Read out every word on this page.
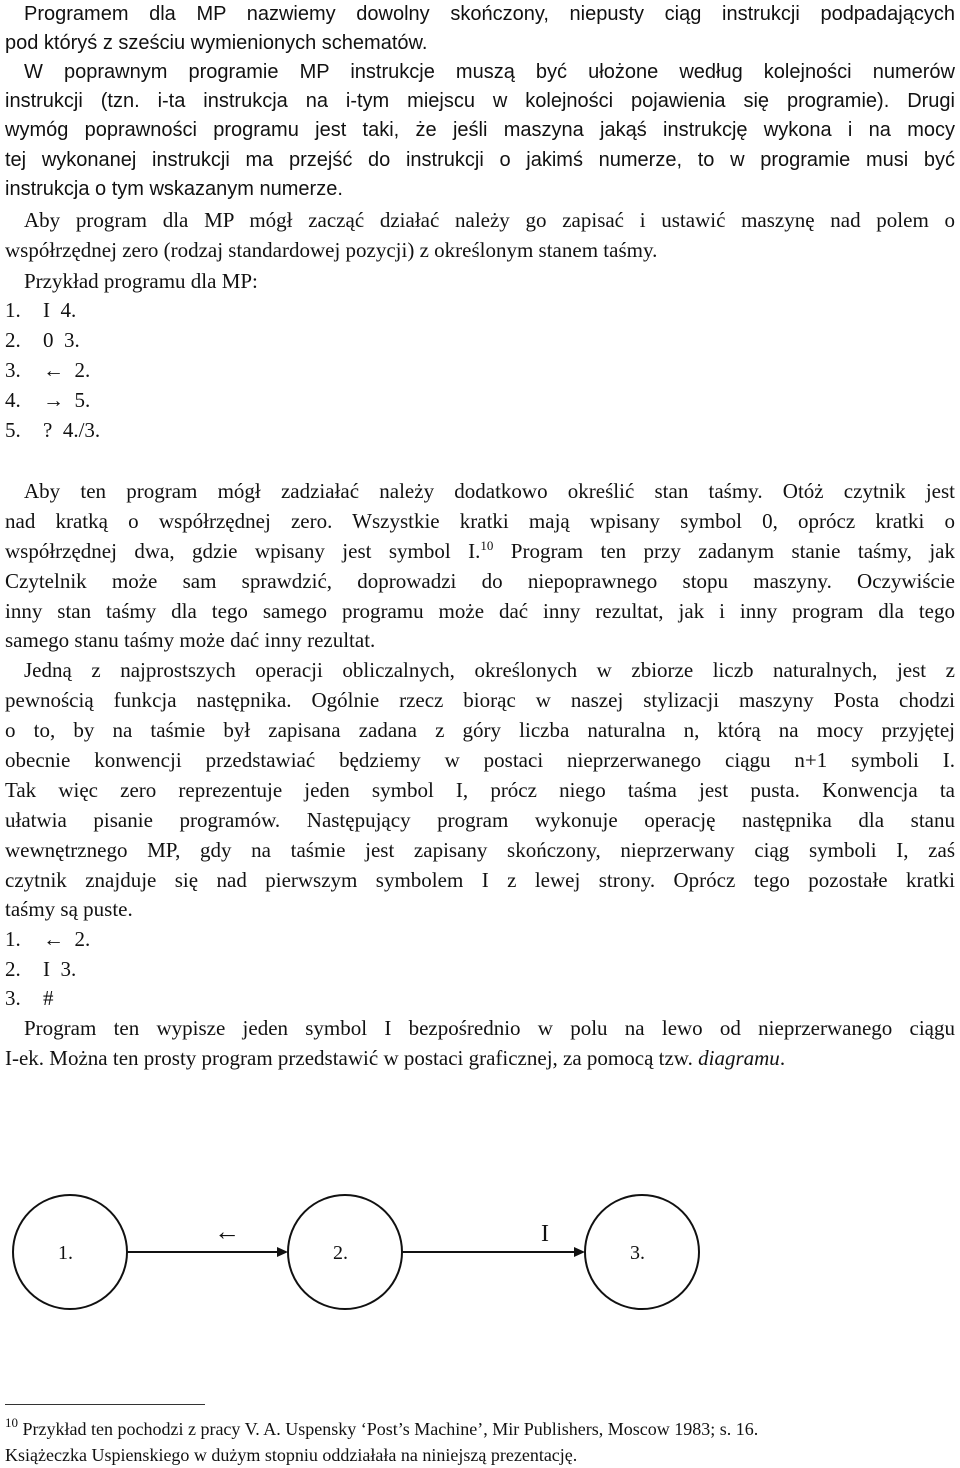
Programem dla MP nazwiemy dowolny skończony, niepusty ciąg instrukcji podpadających
pod któryś z sześciu wymienionych schematów.
W poprawnym programie MP instrukcje muszą być ułożone według kolejności numerów
instrukcji (tzn. i-ta instrukcja na i-tym miejscu w kolejności pojawienia się programie). Drugi
wymóg poprawności programu jest taki, że jeśli maszyna jakąś instrukcję wykona i na mocy
tej wykonanej instrukcji ma przejść do instrukcji o jakimś numerze, to w programie musi być
instrukcja o tym wskazanym numerze.
Aby program dla MP mógł zacząć działać należy go zapisać i ustawić maszynę nad polem o
współrzędnej zero (rodzaj standardowej pozycji) z określonym stanem taśmy.
Przykład programu dla MP:
1. I  4.
2. 0  3.
3. ←  2.
4. →  5.
5. ?  4./3.
Aby ten program mógł zadziałać należy dodatkowo określić stan taśmy. Otóż czytnik jest
nad kratką o współrzędnej zero. Wszystkie kratki mają wpisany symbol 0, oprócz kratki o
współrzędnej dwa, gdzie wpisany jest symbol I.$^{10}$ Program ten przy zadanym stanie taśmy, jak
Czytelnik może sam sprawdzić, doprowadzi do niepoprawnego stopu maszyny. Oczywiście
inny stan taśmy dla tego samego programu może dać inny rezultat, jak i inny program dla tego
samego stanu taśmy może dać inny rezultat.
Jedną z najprostszych operacji obliczalnych, określonych w zbiorze liczb naturalnych, jest z
pewnością funkcja następnika. Ogólnie rzecz biorąc w naszej stylizacji maszyny Posta chodzi
o to, by na taśmie był zapisana zadana z góry liczba naturalna n, którą na mocy przyjętej
obecnie konwencji przedstawiać będziemy w postaci nieprzerwanego ciągu n+1 symboli I.
Tak więc zero reprezentuje jeden symbol I, prócz niego taśma jest pusta. Konwencja ta
ułatwia pisanie programów. Następujący program wykonuje operację następnika dla stanu
wewnętrznego MP, gdy na taśmie jest zapisany skończony, nieprzerwany ciąg symboli I, zaś
czytnik znajduje się nad pierwszym symbolem I z lewej strony. Oprócz tego pozostałe kratki
taśmy są puste.
1. ←  2.
2. I  3.
3. #
Program ten wypisze jeden symbol I bezpośrednio w polu na lewo od nieprzerwanego ciągu
I-ek. Można ten prosty program przedstawić w postaci graficznej, za pomocą tzw. diagramu.
1.	2.	3.
←	I
$^{10}$ Przykład ten pochodzi z pracy V. A. Uspensky ‘Post’s Machine’, Mir Publishers, Moscow 1983; s. 16.
Książeczka Uspienskiego w dużym stopniu oddziałała na niniejszą prezentację.
